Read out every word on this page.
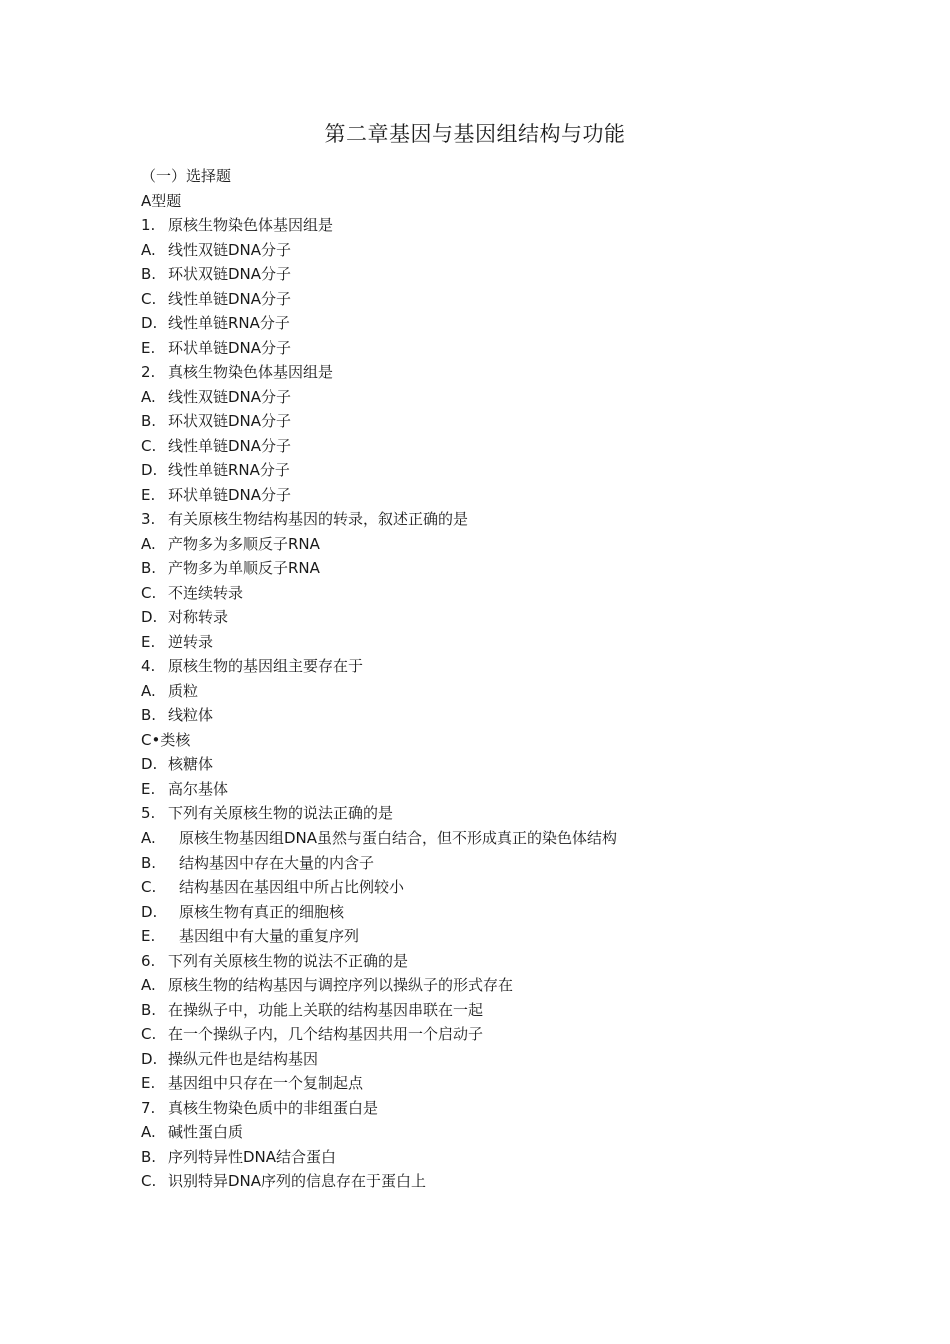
第二章基因与基因组结构与功能
（一）选择题
A型题
1. 原核生物染色体基因组是
A. 线性双链DNA分子
B. 环状双链DNA分子
C. 线性单链DNA分子
D. 线性单链RNA分子
E. 环状单链DNA分子
2. 真核生物染色体基因组是
A. 线性双链DNA分子
B. 环状双链DNA分子
C. 线性单链DNA分子
D. 线性单链RNA分子
E. 环状单链DNA分子
3. 有关原核生物结构基因的转录，叙述正确的是
A. 产物多为多顺反子RNA
B. 产物多为单顺反子RNA
C. 不连续转录
D. 对称转录
E. 逆转录
4. 原核生物的基因组主要存在于
A. 质粒
B. 线粒体
C•类核
D. 核糖体
E. 高尔基体
5. 下列有关原核生物的说法正确的是
A. 原核生物基因组DNA虽然与蛋白结合，但不形成真正的染色体结构
B. 结构基因中存在大量的内含子
C. 结构基因在基因组中所占比例较小
D. 原核生物有真正的细胞核
E. 基因组中有大量的重复序列
6. 下列有关原核生物的说法不正确的是
A. 原核生物的结构基因与调控序列以操纵子的形式存在
B. 在操纵子中，功能上关联的结构基因串联在一起
C. 在一个操纵子内，几个结构基因共用一个启动子
D. 操纵元件也是结构基因
E. 基因组中只存在一个复制起点
7. 真核生物染色质中的非组蛋白是
A. 碱性蛋白质
B. 序列特异性DNA结合蛋白
C. 识别特异DNA序列的信息存在于蛋白上
